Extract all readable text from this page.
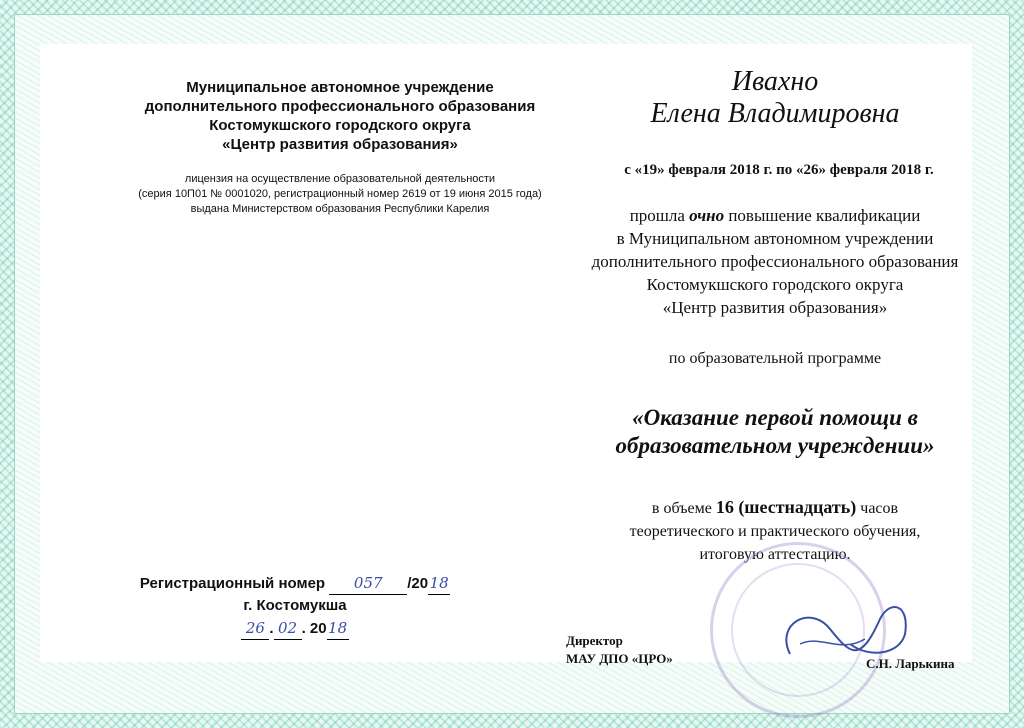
Муниципальное автономное учреждение
дополнительного профессионального образования
Костомукшского городского округа
«Центр развития образования»
лицензия на осуществление образовательной деятельности
(серия 10П01 № 0001020, регистрационный номер 2619 от 19 июня 2015 года)
выдана Министерством образования Республики Карелия
Ивахно
Елена Владимировна
с «19» февраля 2018 г. по «26» февраля 2018 г.
прошла очно повышение квалификации
в Муниципальном автономном учреждении
дополнительного профессионального образования
Костомукшского городского округа
«Центр развития образования»
по образовательной программе
«Оказание первой помощи в
образовательном учреждении»
в объеме 16 (шестнадцать) часов
теоретического и практического обучения,
итоговую аттестацию.
Регистрационный номер 057 /2018
г. Костомукша
26 . 02 . 2018
Директор
МАУ ДПО «ЦРО»	С.Н. Ларькина
